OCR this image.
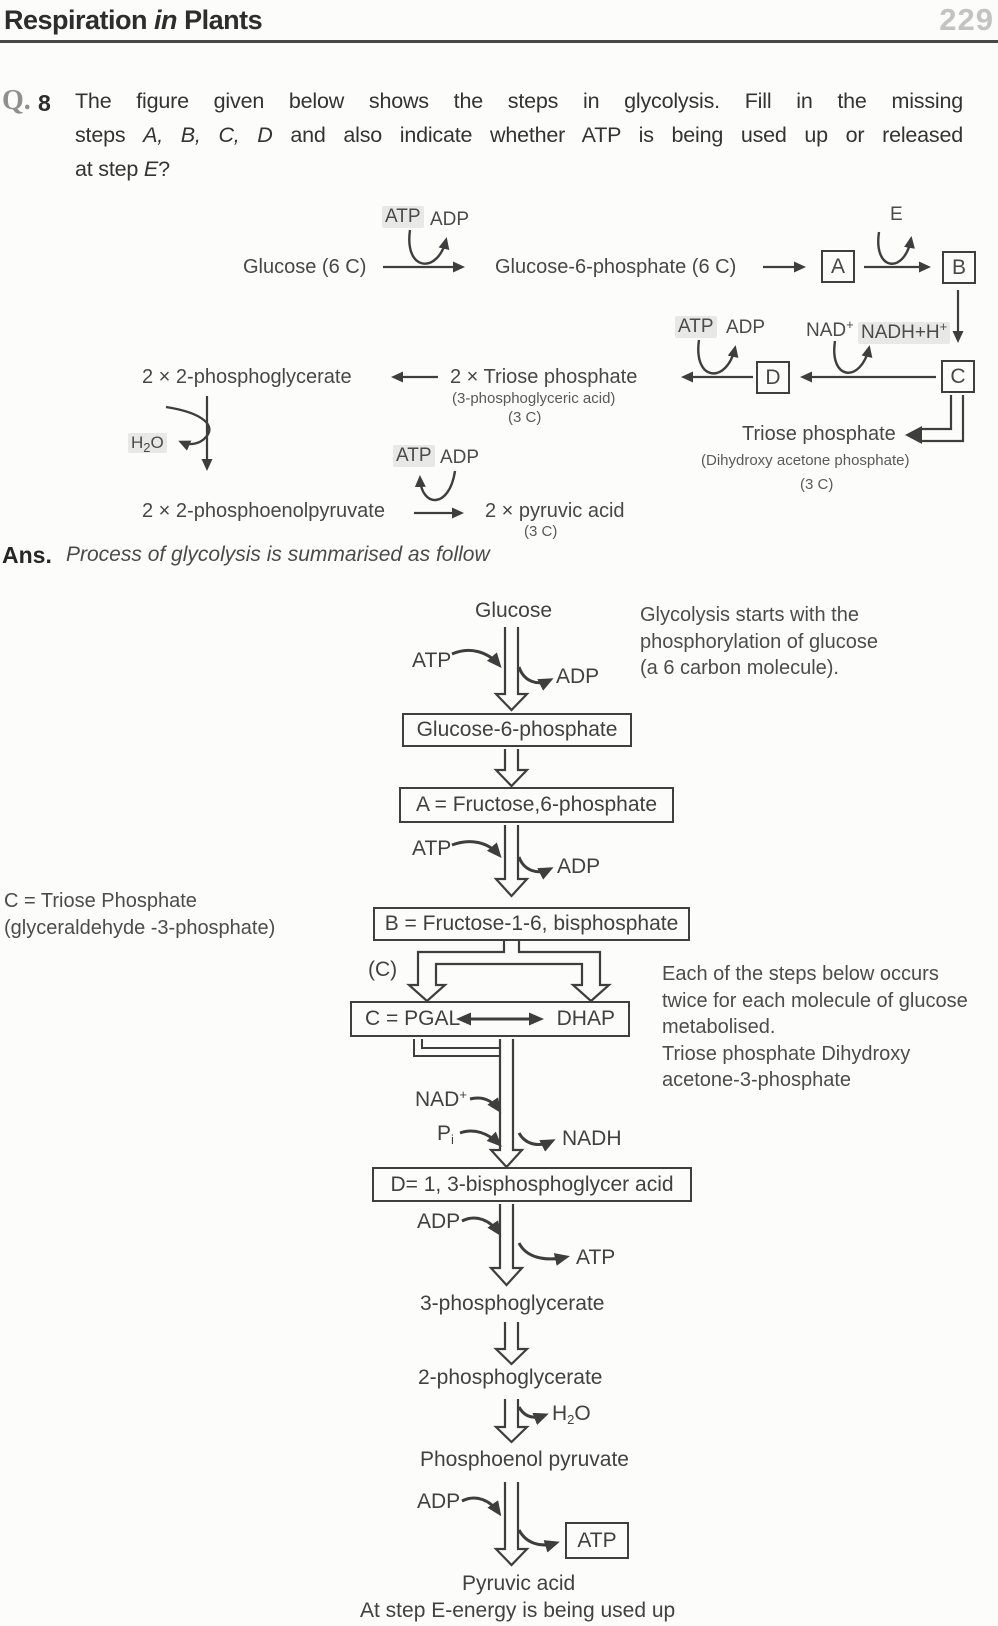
Respiration in Plants	229
Q. 8 The figure given below shows the steps in glycolysis. Fill in the missing
steps A, B, C, D and also indicate whether ATP is being used up or released
at step E?
Glucose (6 C)
ATP ADP
Glucose-6-phosphate (6 C)	A
E
B
ATP ADP NAD+ NADH+H+
D	C
2 × 2-phosphoglycerate	2 × Triose phosphate
(3-phosphoglyceric acid)
(3 C)
Triose phosphate
(Dihydroxy acetone phosphate)
(3 C)
$H_2O$
2 × 2-phosphoenolpyruvate
ATP ADP
2 × pyruvic acid
(3 C)
Ans. Process of glycolysis is summarised as follow
Glucose
ATP
ADP
Glycolysis starts with the
phosphorylation of glucose
(a 6 carbon molecule).
Glucose-6-phosphate
A = Fructose,6-phosphate
ATP
ADP
B = Fructose-1-6, bisphosphate
C = Triose Phosphate
(glyceraldehyde -3-phosphate)
(C)
C = PGAL	DHAP
Each of the steps below occurs
twice for each molecule of glucose
metabolised.
Triose phosphate Dihydroxy
acetone-3-phosphate
NAD+
Pi	NADH
D= 1, 3-bisphosphoglycer acid
ADP
ATP
3-phosphoglycerate
2-phosphoglycerate
H2O
Phosphoenol pyruvate
ADP
ATP
Pyruvic acid
At step E-energy is being used up
